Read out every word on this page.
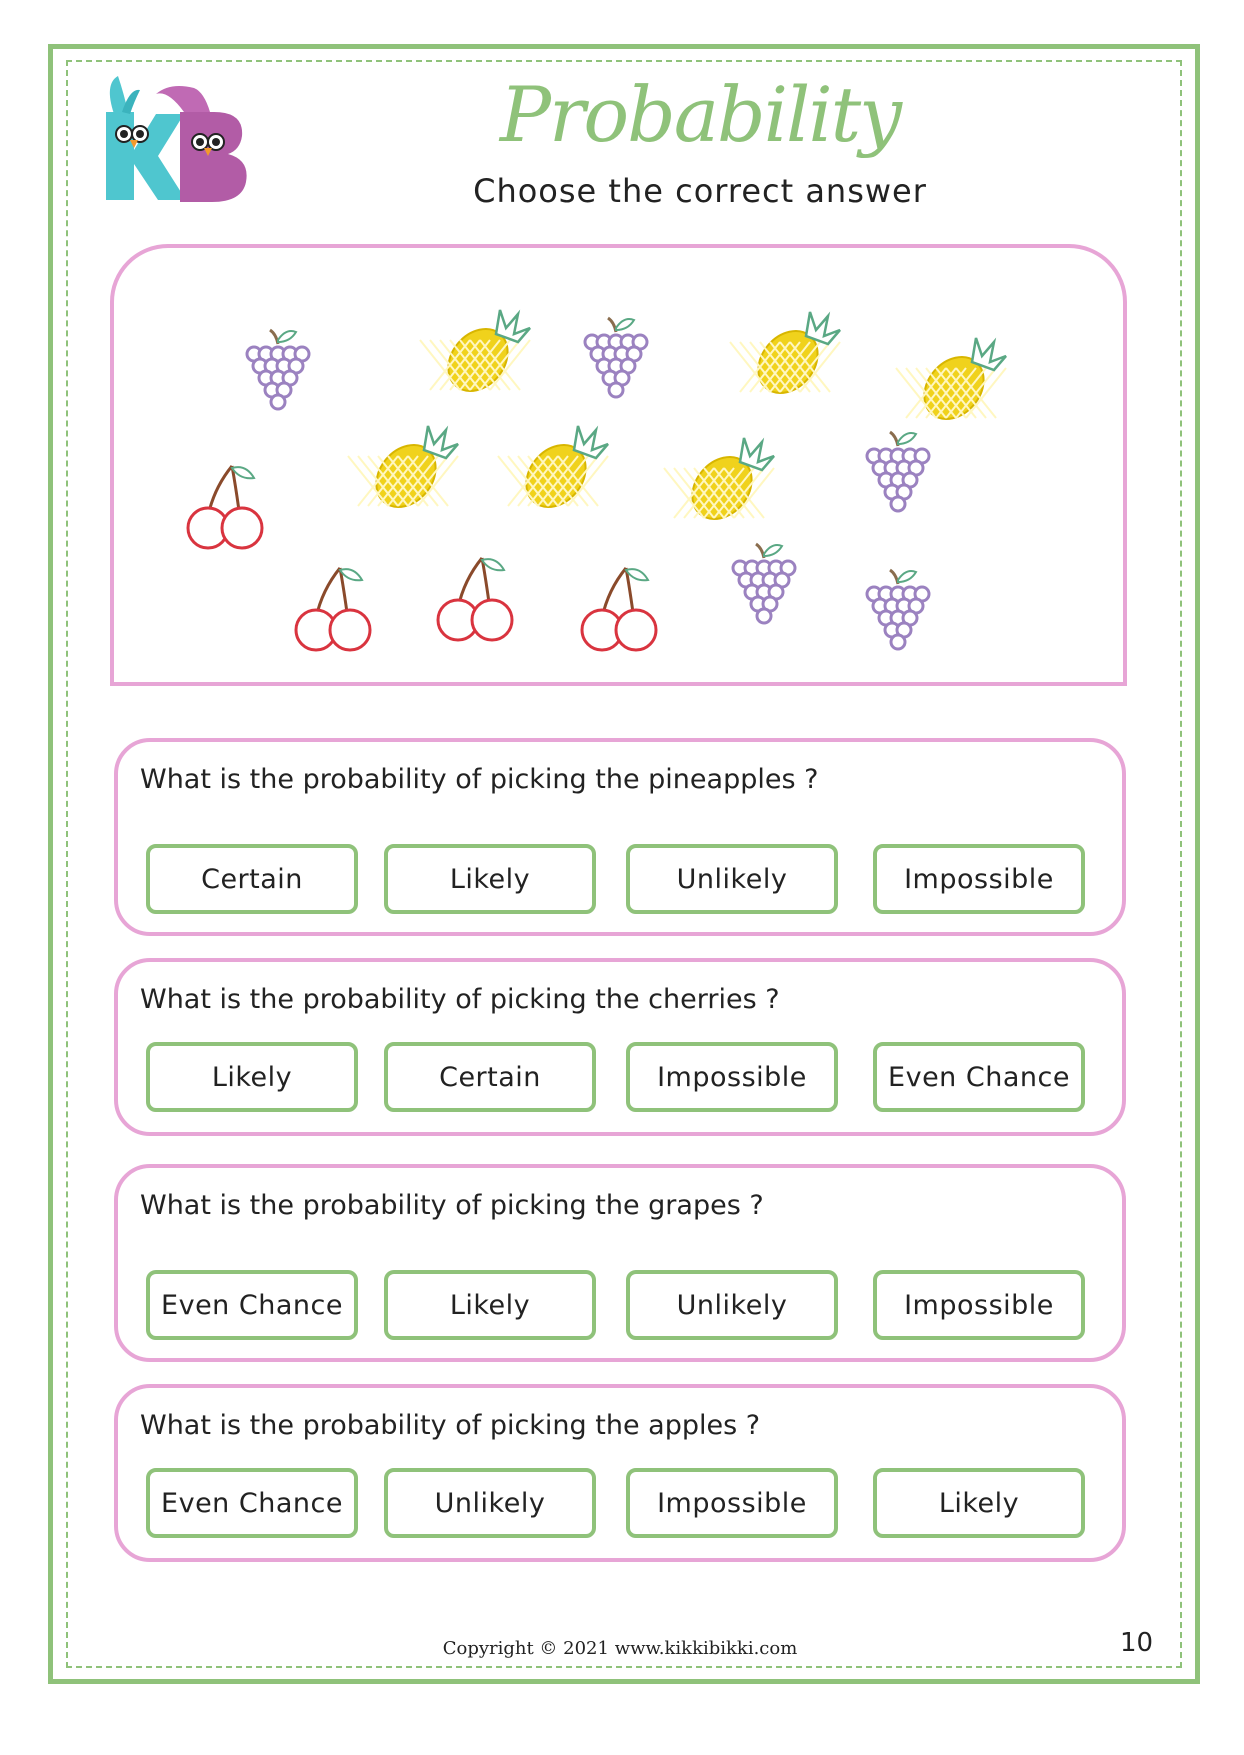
Probability
Choose the correct answer
What is the probability of picking the pineapples ?
Certain	Likely	Unlikely	Impossible
What is the probability of picking the cherries ?
Likely	Certain	Impossible	Even Chance
What is the probability of picking the grapes ?
Even Chance	Likely	Unlikely	Impossible
What is the probability of picking the apples ?
Even Chance	Unlikely	Impossible	Likely
Copyright © 2021 www.kikkibikki.com	10
